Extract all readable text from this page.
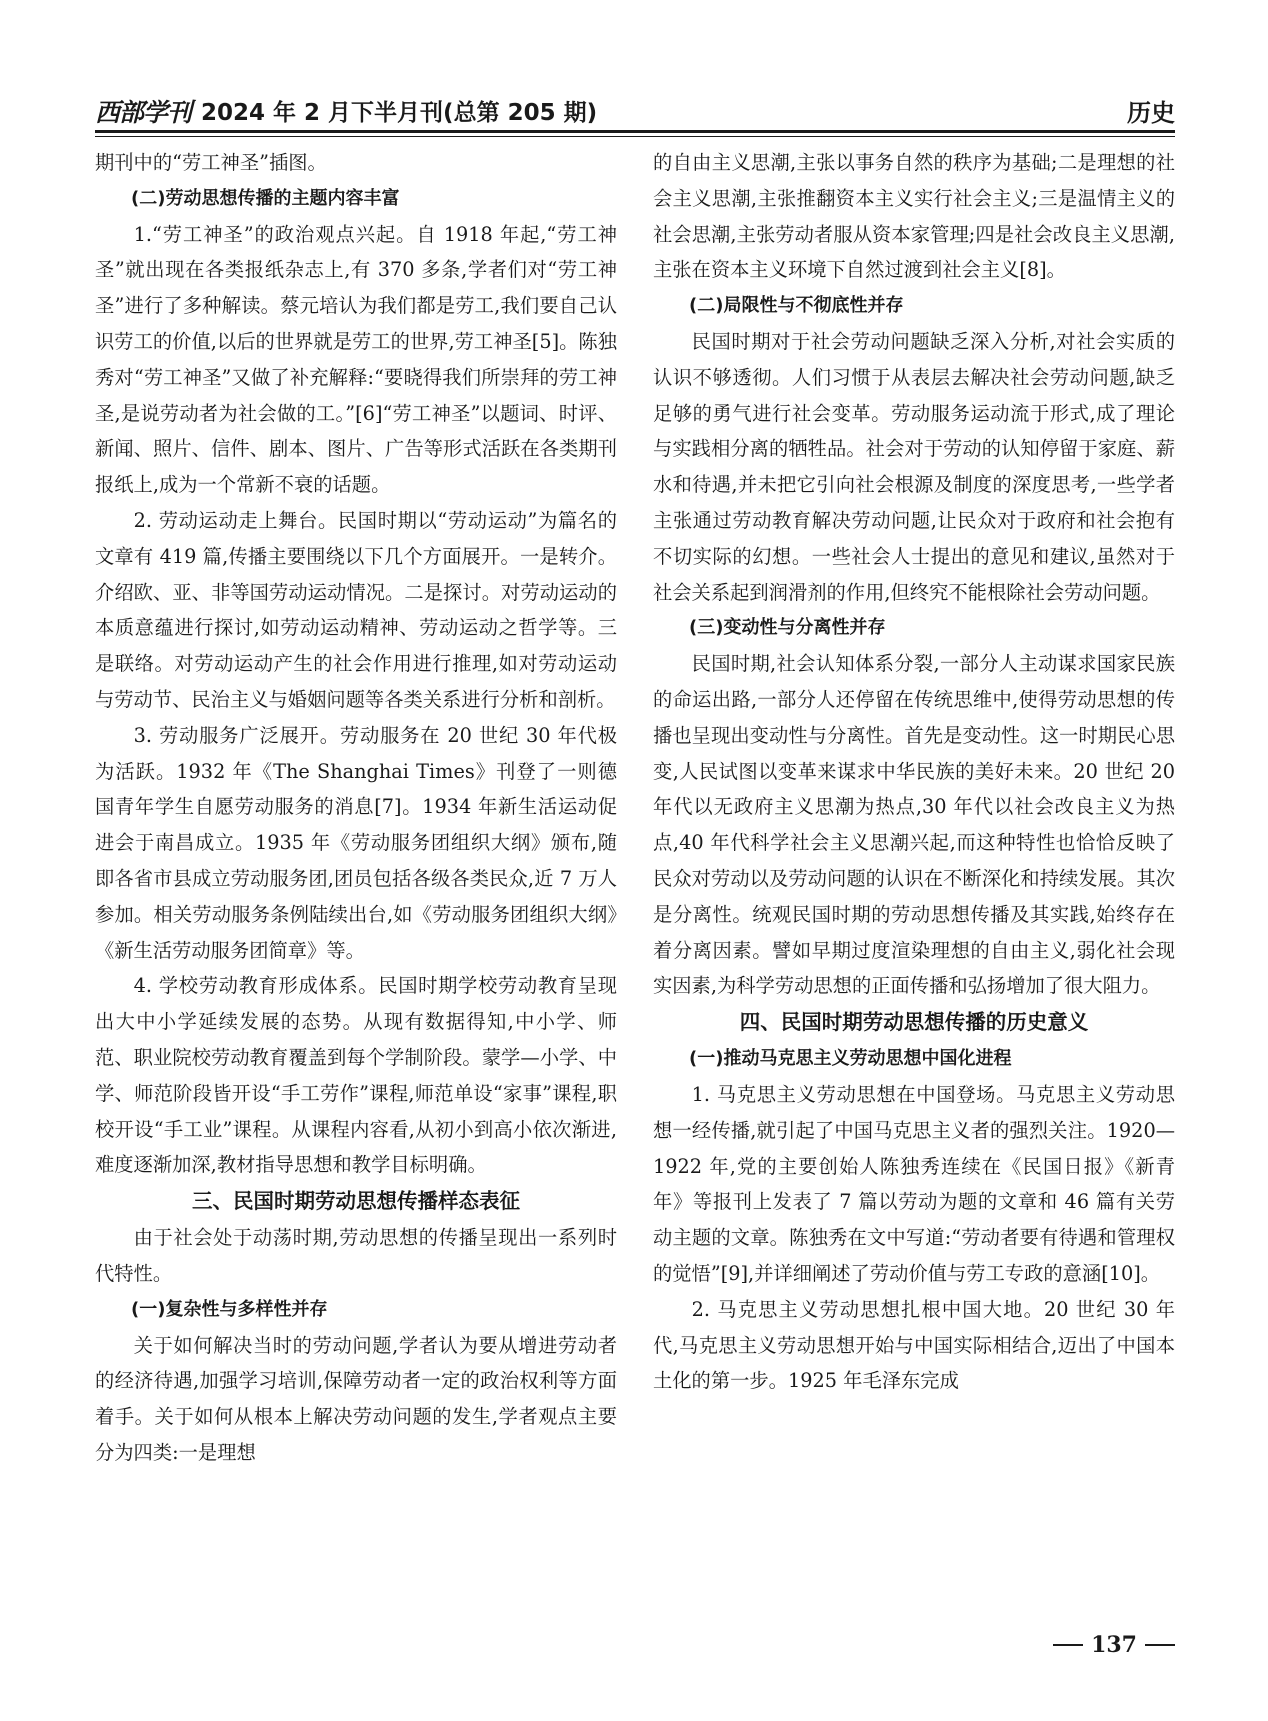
西部学刊 2024 年 2 月下半月刊(总第 205 期)	历史

期刊中的“劳工神圣”插图。

(二)劳动思想传播的主题内容丰富

1.“劳工神圣”的政治观点兴起。自 1918 年起,“劳工神圣”就出现在各类报纸杂志上,有 370 多条,学者们对“劳工神圣”进行了多种解读。蔡元培认为我们都是劳工,我们要自己认识劳工的价值,以后的世界就是劳工的世界,劳工神圣[5]。陈独秀对“劳工神圣”又做了补充解释:“要晓得我们所崇拜的劳工神圣,是说劳动者为社会做的工。”[6]“劳工神圣”以题词、时评、新闻、照片、信件、剧本、图片、广告等形式活跃在各类期刊报纸上,成为一个常新不衰的话题。

2. 劳动运动走上舞台。民国时期以“劳动运动”为篇名的文章有 419 篇,传播主要围绕以下几个方面展开。一是转介。介绍欧、亚、非等国劳动运动情况。二是探讨。对劳动运动的本质意蕴进行探讨,如劳动运动精神、劳动运动之哲学等。三是联络。对劳动运动产生的社会作用进行推理,如对劳动运动与劳动节、民治主义与婚姻问题等各类关系进行分析和剖析。

3. 劳动服务广泛展开。劳动服务在 20 世纪 30 年代极为活跃。1932 年《The Shanghai Times》刊登了一则德国青年学生自愿劳动服务的消息[7]。1934 年新生活运动促进会于南昌成立。1935 年《劳动服务团组织大纲》颁布,随即各省市县成立劳动服务团,团员包括各级各类民众,近 7 万人参加。相关劳动服务条例陆续出台,如《劳动服务团组织大纲》《新生活劳动服务团简章》等。

4. 学校劳动教育形成体系。民国时期学校劳动教育呈现出大中小学延续发展的态势。从现有数据得知,中小学、师范、职业院校劳动教育覆盖到每个学制阶段。蒙学—小学、中学、师范阶段皆开设“手工劳作”课程,师范单设“家事”课程,职校开设“手工业”课程。从课程内容看,从初小到高小依次渐进,难度逐渐加深,教材指导思想和教学目标明确。

三、民国时期劳动思想传播样态表征

由于社会处于动荡时期,劳动思想的传播呈现出一系列时代特性。

(一)复杂性与多样性并存

关于如何解决当时的劳动问题,学者认为要从增进劳动者的经济待遇,加强学习培训,保障劳动者一定的政治权利等方面着手。关于如何从根本上解决劳动问题的发生,学者观点主要分为四类:一是理想

的自由主义思潮,主张以事务自然的秩序为基础;二是理想的社会主义思潮,主张推翻资本主义实行社会主义;三是温情主义的社会思潮,主张劳动者服从资本家管理;四是社会改良主义思潮,主张在资本主义环境下自然过渡到社会主义[8]。

(二)局限性与不彻底性并存

民国时期对于社会劳动问题缺乏深入分析,对社会实质的认识不够透彻。人们习惯于从表层去解决社会劳动问题,缺乏足够的勇气进行社会变革。劳动服务运动流于形式,成了理论与实践相分离的牺牲品。社会对于劳动的认知停留于家庭、薪水和待遇,并未把它引向社会根源及制度的深度思考,一些学者主张通过劳动教育解决劳动问题,让民众对于政府和社会抱有不切实际的幻想。一些社会人士提出的意见和建议,虽然对于社会关系起到润滑剂的作用,但终究不能根除社会劳动问题。

(三)变动性与分离性并存

民国时期,社会认知体系分裂,一部分人主动谋求国家民族的命运出路,一部分人还停留在传统思维中,使得劳动思想的传播也呈现出变动性与分离性。首先是变动性。这一时期民心思变,人民试图以变革来谋求中华民族的美好未来。20 世纪 20 年代以无政府主义思潮为热点,30 年代以社会改良主义为热点,40 年代科学社会主义思潮兴起,而这种特性也恰恰反映了民众对劳动以及劳动问题的认识在不断深化和持续发展。其次是分离性。统观民国时期的劳动思想传播及其实践,始终存在着分离因素。譬如早期过度渲染理想的自由主义,弱化社会现实因素,为科学劳动思想的正面传播和弘扬增加了很大阻力。

四、民国时期劳动思想传播的历史意义
(一)推动马克思主义劳动思想中国化进程

1. 马克思主义劳动思想在中国登场。马克思主义劳动思想一经传播,就引起了中国马克思主义者的强烈关注。1920—1922 年,党的主要创始人陈独秀连续在《民国日报》《新青年》等报刊上发表了 7 篇以劳动为题的文章和 46 篇有关劳动主题的文章。陈独秀在文中写道:“劳动者要有待遇和管理权的觉悟”[9],并详细阐述了劳动价值与劳工专政的意涵[10]。

2. 马克思主义劳动思想扎根中国大地。20 世纪 30 年代,马克思主义劳动思想开始与中国实际相结合,迈出了中国本土化的第一步。1925 年毛泽东完成

137
